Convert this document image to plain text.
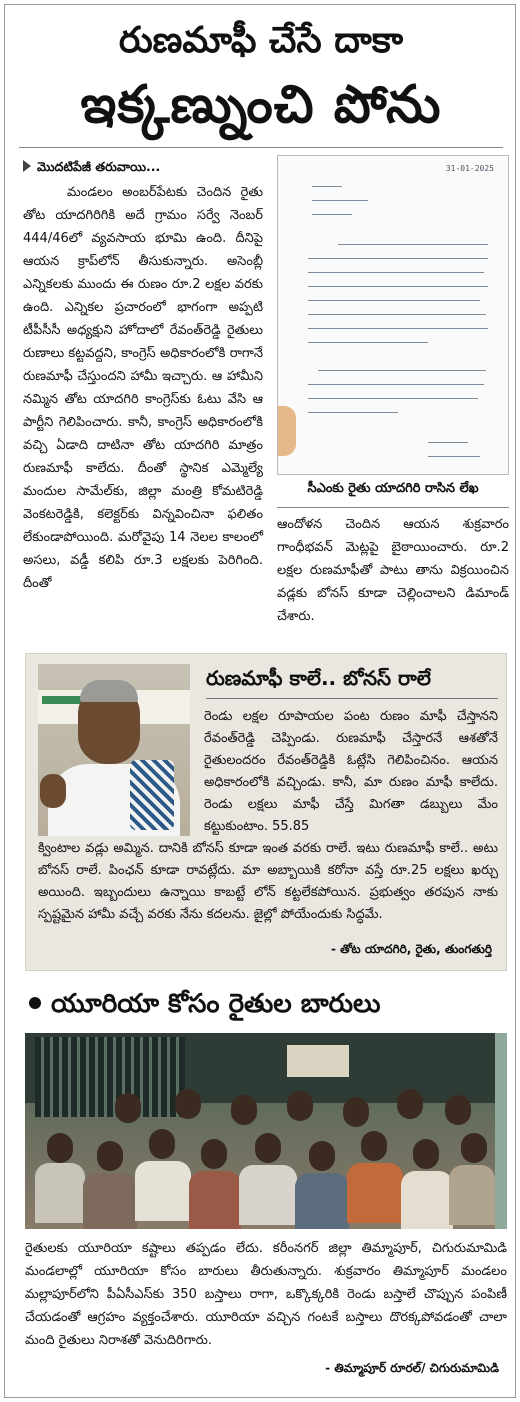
రుణమాఫీ చేసే దాకా
ఇక్కణ్నుంచి పోను
మొదటిపేజీ తరువాయి...
మండలం అంబర్‌పేటకు చెందిన రైతు తోట యాదగిరిగికి అదే గ్రామం సర్వే నెంబర్ 444/46లో వ్యవసాయ భూమి ఉంది. దీనిపై ఆయన క్రాప్‌లోన్ తీసుకున్నారు. అసెంబ్లీ ఎన్నికలకు ముందు ఈ రుణం రూ.2 లక్షల వరకు ఉంది. ఎన్నికల ప్రచారంలో భాగంగా అప్పటి టీపీసీసీ అధ్యక్షుని హోదాలో రేవంత్‌రెడ్డి రైతులు రుణాలు కట్టవద్దని, కాంగ్రెస్ అధికారంలోకి రాగానే రుణమాఫీ చేస్తుందని హామీ ఇచ్చారు. ఆ హామీని నమ్మిన తోట యాదగిరి కాంగ్రెస్‌కు ఓటు వేసి ఆ పార్టీని గెలిపించారు. కానీ, కాంగ్రెస్ అధికారంలోకి వచ్చి ఏడాది దాటినా తోట యాదగిరి మాత్రం రుణమాఫీ కాలేదు. దీంతో స్థానిక ఎమ్మెల్యే మందుల సామేల్‌కు, జిల్లా మంత్రి కోమటిరెడ్డి వెంకటరెడ్డికి, కలెక్టర్‌కు విన్నవించినా ఫలితం లేకుండాపోయింది. మరోవైపు 14 నెలల కాలంలో అసలు, వడ్డీ కలిపి రూ.3 లక్షలకు పెరిగింది. దీంతో
31-01-2025
సీఎంకు రైతు యాదగిరి రాసిన లేఖ
ఆందోళన చెందిన ఆయన శుక్రవారం గాంధీభవన్ మెట్లపై బైఠాయించారు. రూ.2 లక్షల రుణమాఫీతో పాటు తాను విక్రయించిన వడ్లకు బోనస్ కూడా చెల్లించాలని డిమాండ్ చేశారు.
రుణమాఫీ కాలే.. బోనస్ రాలే
రెండు లక్షల రూపాయల పంట రుణం మాఫీ చేస్తానని రేవంత్‌రెడ్డి చెప్పిండు. రుణమాఫీ చేస్తారనే ఆశతోనే రైతులందరం రేవంత్‌రెడ్డికి ఓట్లేసి గెలిపించినం. ఆయన అధికారంలోకి వచ్చిండు. కానీ, మా రుణం మాఫీ కాలేదు. రెండు లక్షలు మాఫీ చేస్తే మిగతా డబ్బులు మేం కట్టుకుంటాం. 55.85
క్వింటాల వడ్లు అమ్మిన. దానికి బోనస్ కూడా ఇంత వరకు రాలే. ఇటు రుణమాఫీ కాలే.. అటు బోనస్ రాలే. పింఛన్ కూడా రావట్లేదు. మా అబ్బాయికి కరోనా వస్తే రూ.25 లక్షలు ఖర్చు అయింది. ఇబ్బందులు ఉన్నాయి కాబట్టే లోన్ కట్టలేకపోయిన. ప్రభుత్వం తరపున నాకు స్పష్టమైన హామీ వచ్చే వరకు నేను కదలను. జైల్లో పోయేందుకు సిద్ధమే.
- తోట యాదగిరి, రైతు, తుంగతుర్తి
యూరియా కోసం రైతుల బారులు
రైతులకు యూరియా కష్టాలు తప్పడం లేదు. కరీంనగర్ జిల్లా తిమ్మాపూర్, చిగురుమామిడి మండలాల్లో యూరియా కోసం బారులు తీరుతున్నారు. శుక్రవారం తిమ్మాపూర్ మండలం మల్లాపూర్‌లోని పీఏసీఎస్‌కు 350 బస్తాలు రాగా, ఒక్కొక్కరికి రెండు బస్తాలే చొప్పున పంపిణీ చేయడంతో ఆగ్రహం వ్యక్తంచేశారు. యూరియా వచ్చిన గంటకే బస్తాలు దొరక్కపోవడంతో చాలా మంది రైతులు నిరాశతో వెనుదిరిగారు.
- తిమ్మాపూర్ రూరల్/ చిగురుమామిడి
